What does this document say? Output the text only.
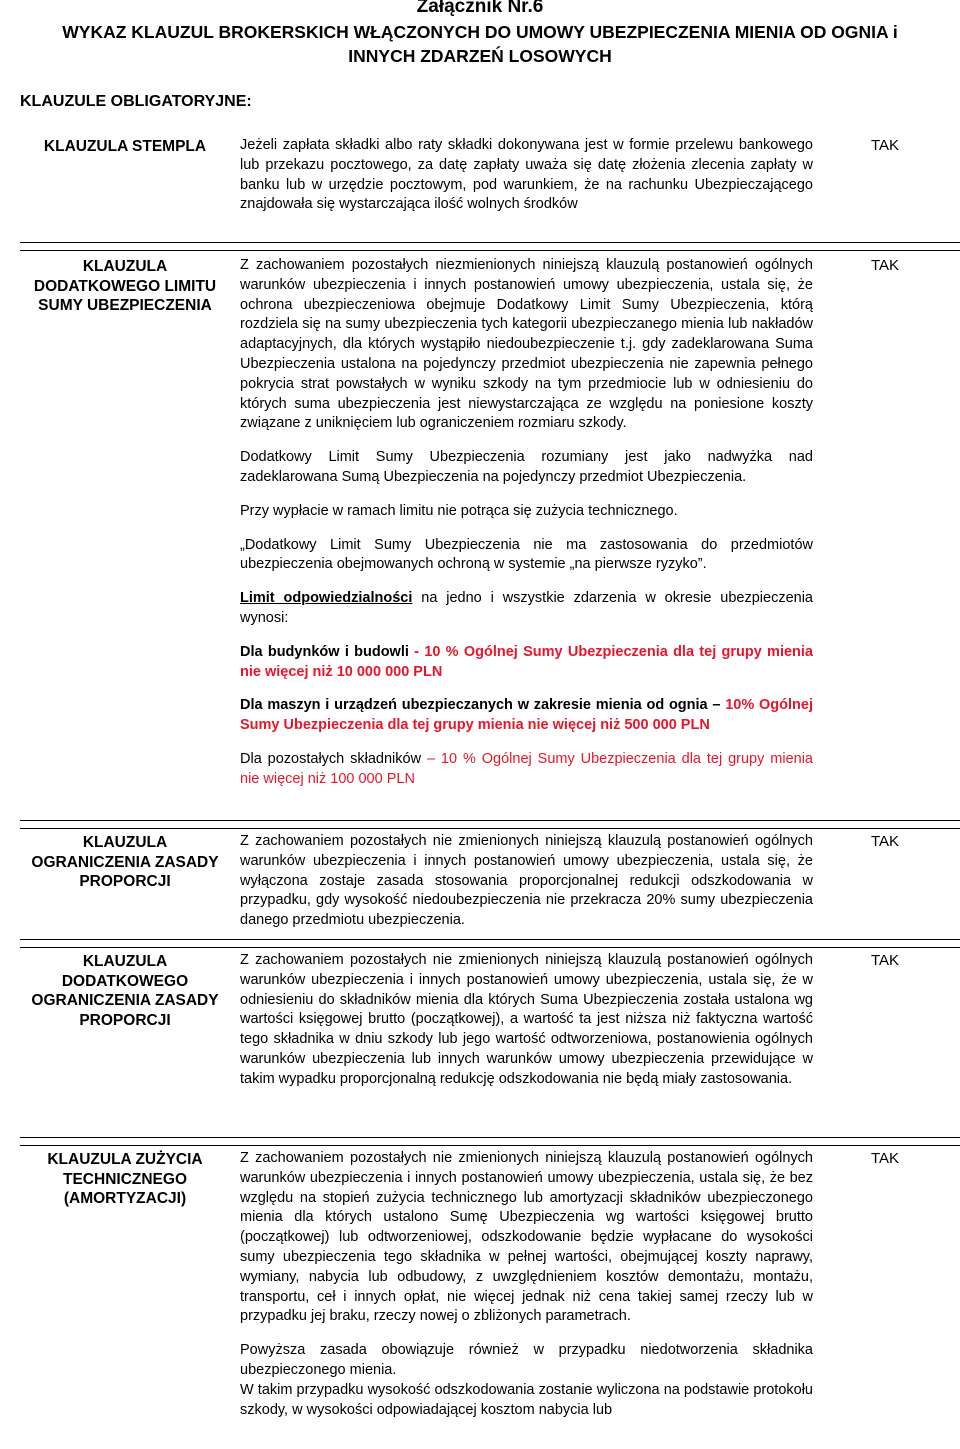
Załącznik Nr.6
WYKAZ KLAUZUL BROKERSKICH WŁĄCZONYCH DO UMOWY UBEZPIECZENIA MIENIA OD OGNIA i
INNYCH ZDARZEŃ LOSOWYCH
KLAUZULE OBLIGATORYJNE:
KLAUZULA STEMPLA	Jeżeli zapłata składki albo raty składki dokonywana jest w formie przelewu bankowego lub przekazu pocztowego, za datę zapłaty uważa się datę złożenia zlecenia zapłaty w banku lub w urzędzie pocztowym, pod warunkiem, że na rachunku Ubezpieczającego znajdowała się wystarczająca ilość wolnych środków

TAK
KLAUZULA
DODATKOWEGO LIMITU
SUMY UBEZPIECZENIA

Z zachowaniem pozostałych niezmienionych niniejszą klauzulą postanowień ogólnych warunków ubezpieczenia i innych postanowień umowy ubezpieczenia, ustala się, że ochrona ubezpieczeniowa obejmuje Dodatkowy Limit Sumy Ubezpieczenia, którą rozdziela się na sumy ubezpieczenia tych kategorii ubezpieczanego mienia lub nakładów adaptacyjnych, dla których wystąpiło niedoubezpieczenie t.j. gdy zadeklarowana Suma Ubezpieczenia ustalona na pojedynczy przedmiot ubezpieczenia nie zapewnia pełnego pokrycia strat powstałych w wyniku szkody na tym przedmiocie lub w odniesieniu do których suma ubezpieczenia jest niewystarczająca ze względu na poniesione koszty związane z uniknięciem lub ograniczeniem rozmiaru szkody.

Dodatkowy Limit Sumy Ubezpieczenia rozumiany jest jako nadwyżka nad zadeklarowana Sumą Ubezpieczenia na pojedynczy przedmiot Ubezpieczenia.

Przy wypłacie w ramach limitu nie potrąca się zużycia technicznego.

„Dodatkowy Limit Sumy Ubezpieczenia nie ma zastosowania do przedmiotów ubezpieczenia obejmowanych ochroną w systemie „na pierwsze ryzyko”.

Limit odpowiedzialności na jedno i wszystkie zdarzenia w okresie ubezpieczenia wynosi:

Dla budynków i budowli - 10 % Ogólnej Sumy Ubezpieczenia dla tej grupy mienia nie więcej niż 10 000 000 PLN

Dla maszyn i urządzeń ubezpieczanych w zakresie mienia od ognia – 10% Ogólnej Sumy Ubezpieczenia dla tej grupy mienia nie więcej niż 500 000 PLN

Dla pozostałych składników – 10 % Ogólnej Sumy Ubezpieczenia dla tej grupy mienia nie więcej niż 100 000 PLN

TAK
KLAUZULA
OGRANICZENIA ZASADY
PROPORCJI

Z zachowaniem pozostałych nie zmienionych niniejszą klauzulą postanowień ogólnych warunków ubezpieczenia i innych postanowień umowy ubezpieczenia, ustala się, że wyłączona zostaje zasada stosowania proporcjonalnej redukcji odszkodowania w przypadku, gdy wysokość niedoubezpieczenia nie przekracza 20% sumy ubezpieczenia danego przedmiotu ubezpieczenia.

TAK
KLAUZULA
DODATKOWEGO
OGRANICZENIA ZASADY
PROPORCJI

Z zachowaniem pozostałych nie zmienionych niniejszą klauzulą postanowień ogólnych warunków ubezpieczenia i innych postanowień umowy ubezpieczenia, ustala się, że w odniesieniu do składników mienia dla których Suma Ubezpieczenia została ustalona wg wartości księgowej brutto (początkowej), a wartość ta jest niższa niż faktyczna wartość tego składnika w dniu szkody lub jego wartość odtworzeniowa, postanowienia ogólnych warunków ubezpieczenia lub innych warunków umowy ubezpieczenia przewidujące w takim wypadku proporcjonalną redukcję odszkodowania nie będą miały zastosowania.

TAK
KLAUZULA ZUŻYCIA
TECHNICZNEGO
(AMORTYZACJI)

Z zachowaniem pozostałych nie zmienionych niniejszą klauzulą postanowień ogólnych warunków ubezpieczenia i innych postanowień umowy ubezpieczenia, ustala się, że bez względu na stopień zużycia technicznego lub amortyzacji składników ubezpieczonego mienia dla których ustalono Sumę Ubezpieczenia wg wartości księgowej brutto (początkowej) lub odtworzeniowej, odszkodowanie będzie wypłacane do wysokości sumy ubezpieczenia tego składnika w pełnej wartości, obejmującej koszty naprawy, wymiany, nabycia lub odbudowy, z uwzględnieniem kosztów demontażu, montażu, transportu, ceł i innych opłat, nie więcej jednak niż cena takiej samej rzeczy lub w przypadku jej braku, rzeczy nowej o zbliżonych parametrach.

Powyższa zasada obowiązuje również w przypadku niedotworzenia składnika ubezpieczonego mienia.

W takim przypadku wysokość odszkodowania zostanie wyliczona na podstawie protokołu szkody, w wysokości odpowiadającej kosztom nabycia lub

TAK
